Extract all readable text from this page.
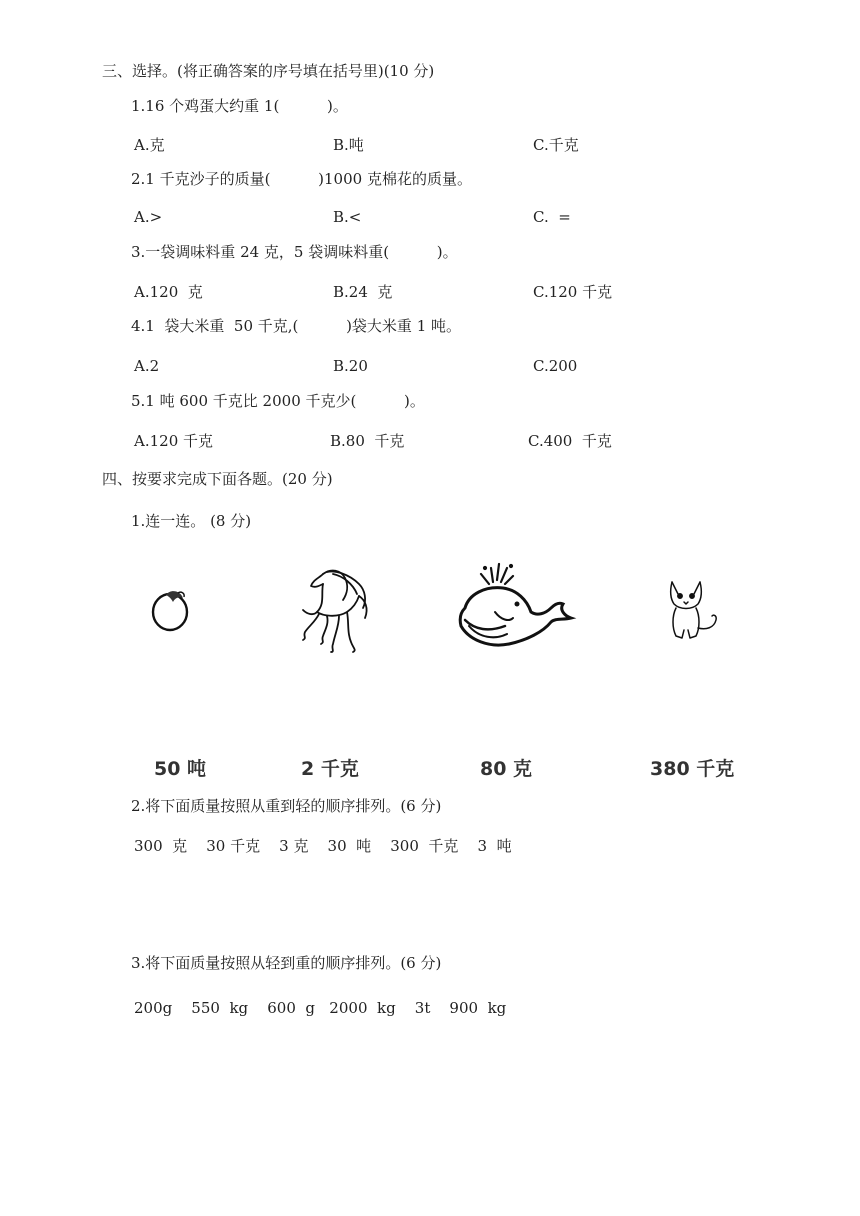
三、选择。(将正确答案的序号填在括号里)(10 分)
1.16 个鸡蛋大约重 1(          )。
A.克	B.吨	C.千克
2.1 千克沙子的质量(          )1000 克棉花的质量。
A.>	B.<	C.  =
3.一袋调味料重 24 克，5 袋调味料重(          )。
A.120  克	B.24  克	C.120 千克
4.1  袋大米重  50 千克,(          )袋大米重 1 吨。
A.2	B.20	C.200
5.1 吨 600 千克比 2000 千克少(          )。
A.120 千克	B.80  千克	C.400  千克
四、按要求完成下面各题。(20 分)
1.连一连。 (8 分)
50 吨	2 千克	80 克	380 千克
2.将下面质量按照从重到轻的顺序排列。(6 分)
300  克    30 千克    3 克    30  吨    300  千克    3  吨
3.将下面质量按照从轻到重的顺序排列。(6 分)
200g    550  kg    600  g   2000  kg    3t    900  kg
